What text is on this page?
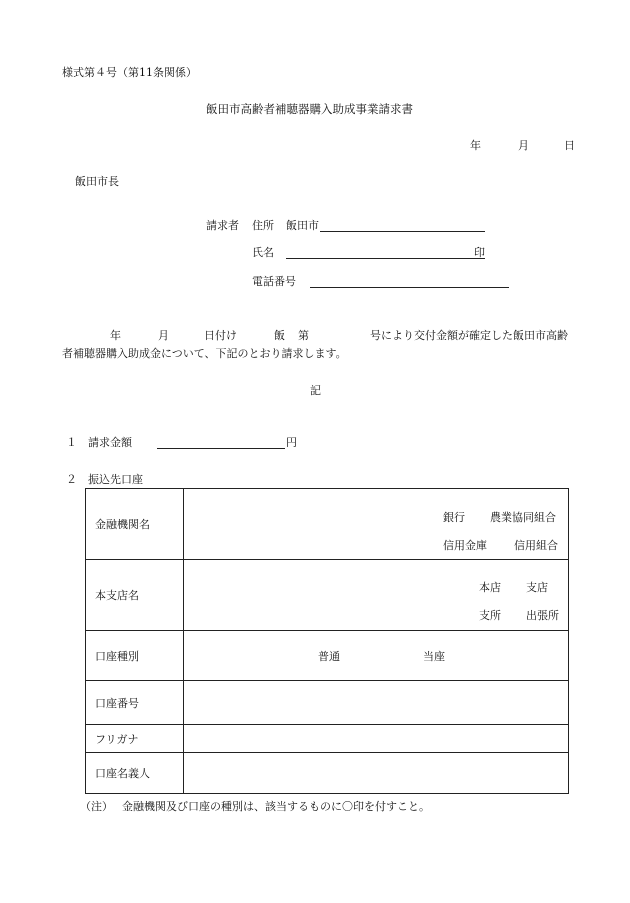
様式第４号（第11条関係）
飯田市高齢者補聴器購入助成事業請求書
年	月	日
飯田市長
請求者 住所 飯田市
氏名	印
電話番号
年	月	日付け	飯 第	号により交付金額が確定した飯田市高齢
者補聴器購入助成金について、下記のとおり請求します。
記
１ 請求金額	円
２ 振込先口座
金融機関名	銀行 農業協同組合
信用金庫 信用組合

本支店名	本店 支店
支所 出張所

口座種別	普通 当座

口座番号	
フリガナ	
口座名義人	
（注） 金融機関及び口座の種別は、該当するものに〇印を付すこと。
